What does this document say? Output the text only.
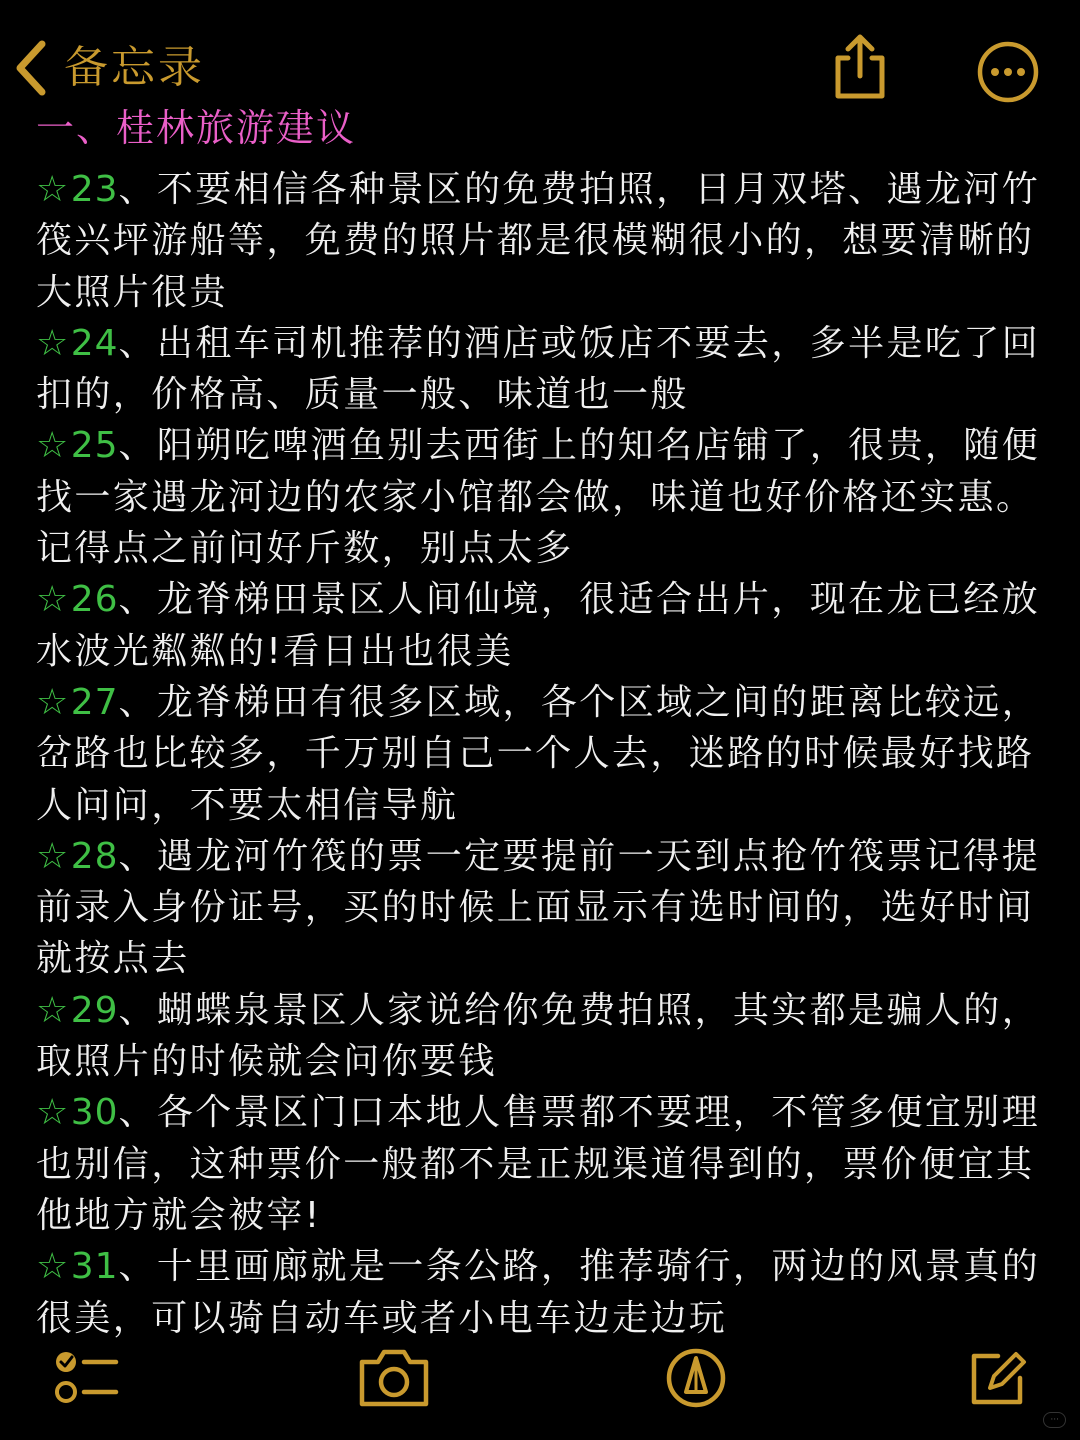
备忘录
一、桂林旅游建议
☆23、不要相信各种景区的免费拍照，日月双塔、遇龙河竹筏兴坪游船等，免费的照片都是很模糊很小的，想要清晰的大照片很贵
☆24、出租车司机推荐的酒店或饭店不要去，多半是吃了回扣的，价格高、质量一般、味道也一般
☆25、阳朔吃啤酒鱼别去西街上的知名店铺了，很贵，随便找一家遇龙河边的农家小馆都会做，味道也好价格还实惠。记得点之前问好斤数，别点太多
☆26、龙脊梯田景区人间仙境，很适合出片，现在龙已经放水波光粼粼的!看日出也很美
☆27、龙脊梯田有很多区域，各个区域之间的距离比较远，岔路也比较多，千万别自己一个人去，迷路的时候最好找路人问问，不要太相信导航
☆28、遇龙河竹筏的票一定要提前一天到点抢竹筏票记得提前录入身份证号，买的时候上面显示有选时间的，选好时间就按点去
☆29、蝴蝶泉景区人家说给你免费拍照，其实都是骗人的，取照片的时候就会问你要钱
☆30、各个景区门口本地人售票都不要理，不管多便宜别理也别信，这种票价一般都不是正规渠道得到的，票价便宜其他地方就会被宰!
☆31、十里画廊就是一条公路，推荐骑行，两边的风景真的很美，可以骑自动车或者小电车边走边玩
···
